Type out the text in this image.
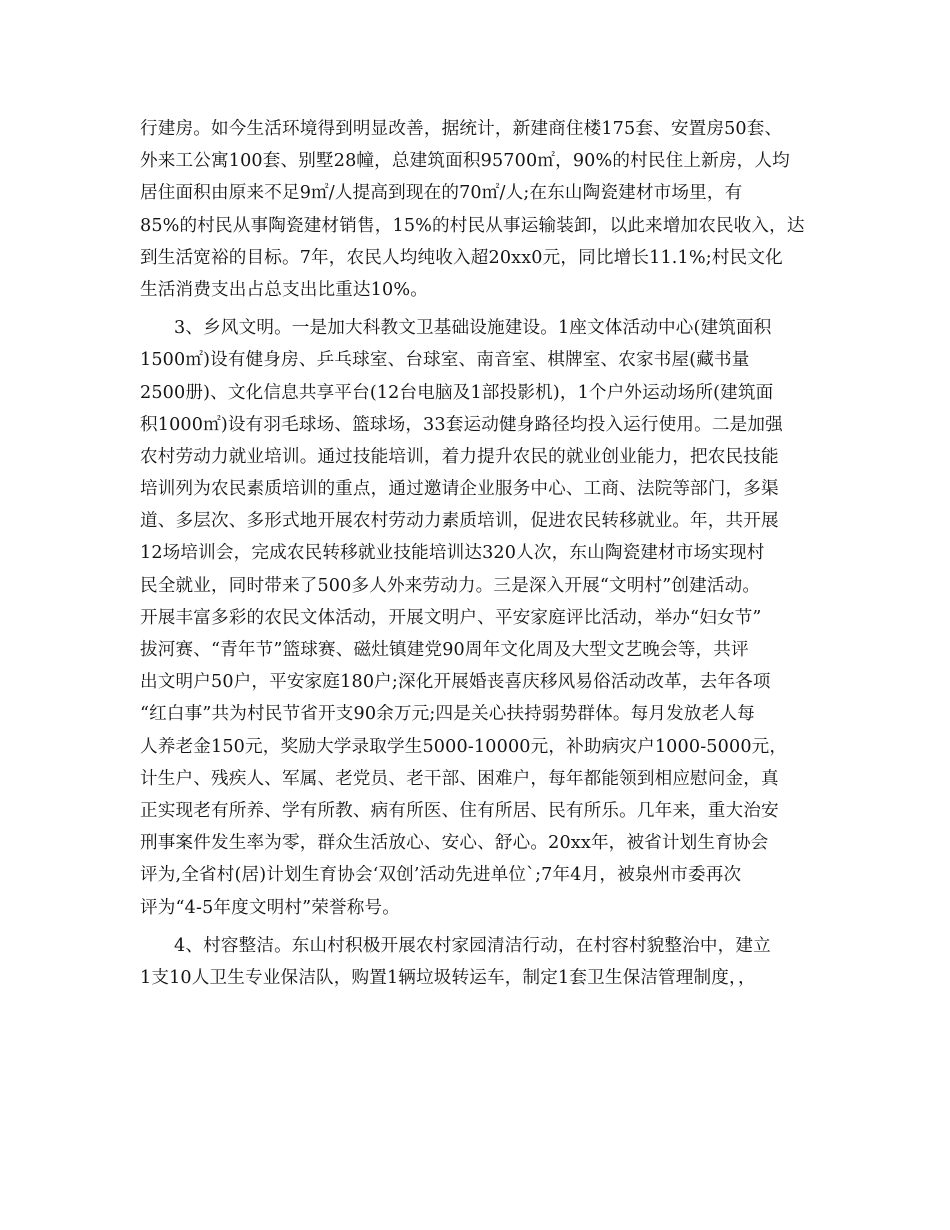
行建房。如今生活环境得到明显改善，据统计，新建商住楼175套、安置房50套、
外来工公寓100套、别墅28幢，总建筑面积95700㎡，90%的村民住上新房，人均
居住面积由原来不足9㎡/人提高到现在的70㎡/人;在东山陶瓷建材市场里，有
85%的村民从事陶瓷建材销售，15%的村民从事运输装卸，以此来增加农民收入，达
到生活宽裕的目标。7年，农民人均纯收入超20xx0元，同比增长11.1%;村民文化
生活消费支出占总支出比重达10%。
3、乡风文明。一是加大科教文卫基础设施建设。1座文体活动中心(建筑面积
1500㎡)设有健身房、乒乓球室、台球室、南音室、棋牌室、农家书屋(藏书量
2500册)、文化信息共享平台(12台电脑及1部投影机)，1个户外运动场所(建筑面
积1000㎡)设有羽毛球场、篮球场，33套运动健身路径均投入运行使用。二是加强
农村劳动力就业培训。通过技能培训，着力提升农民的就业创业能力，把农民技能
培训列为农民素质培训的重点，通过邀请企业服务中心、工商、法院等部门，多渠
道、多层次、多形式地开展农村劳动力素质培训，促进农民转移就业。年，共开展
12场培训会，完成农民转移就业技能培训达320人次，东山陶瓷建材市场实现村
民全就业，同时带来了500多人外来劳动力。三是深入开展“文明村”创建活动。
开展丰富多彩的农民文体活动，开展文明户、平安家庭评比活动，举办“妇女节”
拔河赛、“青年节”篮球赛、磁灶镇建党90周年文化周及大型文艺晚会等，共评
出文明户50户，平安家庭180户;深化开展婚丧喜庆移风易俗活动改革，去年各项
“红白事”共为村民节省开支90余万元;四是关心扶持弱势群体。每月发放老人每
人养老金150元，奖励大学录取学生5000-10000元，补助病灾户1000-5000元，
计生户、残疾人、军属、老党员、老干部、困难户，每年都能领到相应慰问金，真
正实现老有所养、学有所教、病有所医、住有所居、民有所乐。几年来，重大治安
刑事案件发生率为零，群众生活放心、安心、舒心。20xx年，被省计划生育协会
评为,全省村(居)计划生育协会‘双创’活动先进单位`;7年4月，被泉州市委再次
评为“4-5年度文明村”荣誉称号。
4、村容整洁。东山村积极开展农村家园清洁行动，在村容村貌整治中，建立
1支10人卫生专业保洁队，购置1辆垃圾转运车，制定1套卫生保洁管理制度，，
